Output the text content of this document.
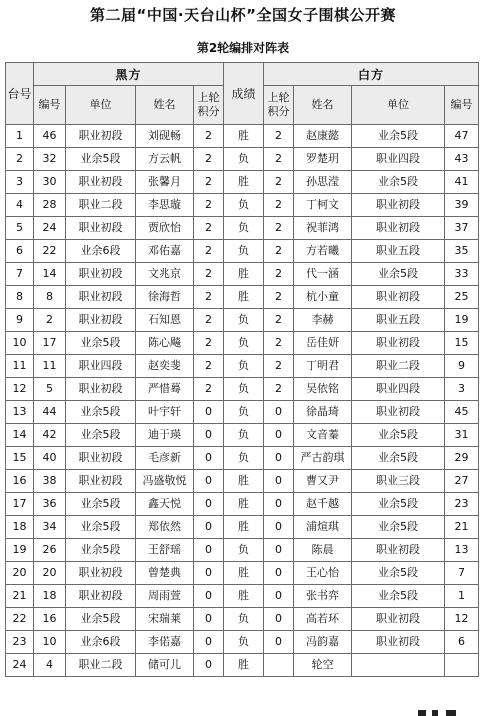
第二届“中国·天台山杯”全国女子围棋公开赛
第2轮编排对阵表
台号	黑方				成绩	白方			
	编号	单位	姓名	上轮积分		上轮积分	姓名	单位	编号
1	46	职业初段	刘砚畅	2	胜	2	赵康懿	业余5段	47
2	32	业余5段	方云帆	2	负	2	罗楚玥	职业四段	43
3	30	职业初段	张馨月	2	胜	2	孙思滢	业余5段	41
4	28	职业二段	李思璇	2	负	2	丁柯文	职业初段	39
5	24	职业初段	贾欣怡	2	负	2	祝菲鸿	职业初段	37
6	22	业余6段	邓佑嘉	2	负	2	方若曦	职业五段	35
7	14	职业初段	文兆京	2	胜	2	代一涵	业余5段	33
8	8	职业初段	徐海哲	2	胜	2	杭小童	职业初段	25
9	2	职业初段	石知恩	2	负	2	李赫	职业五段	19
10	17	业余5段	陈心飚	2	负	2	岳佳妍	职业初段	15
11	11	职业四段	赵奕斐	2	负	2	丁明君	职业二段	9
12	5	职业初段	严惜蓦	2	负	2	吴依铭	职业四段	3
13	44	业余5段	叶宇轩	0	负	0	徐晶琦	职业初段	45
14	42	业余5段	迪于瑛	0	负	0	文音蓁	业余5段	31
15	40	职业初段	毛彦新	0	负	0	严古韵琪	业余5段	29
16	38	职业初段	冯盛敬悦	0	胜	0	曹又尹	职业三段	27
17	36	业余5段	鑫天悦	0	胜	0	赵千越	业余5段	23
18	34	业余5段	郑依然	0	胜	0	浦煊琪	业余5段	21
19	26	业余5段	王舒瑶	0	负	0	陈晨	职业初段	13
20	20	职业初段	曾楚典	0	胜	0	王心怡	业余5段	7
21	18	职业初段	周雨萱	0	胜	0	张书弈	业余5段	1
22	16	业余5段	宋瑞莱	0	负	0	高若环	职业初段	12
23	10	业余6段	李偌嘉	0	负	0	冯韵嘉	职业初段	6
24	4	职业二段	储可儿	0	胜		轮空		
